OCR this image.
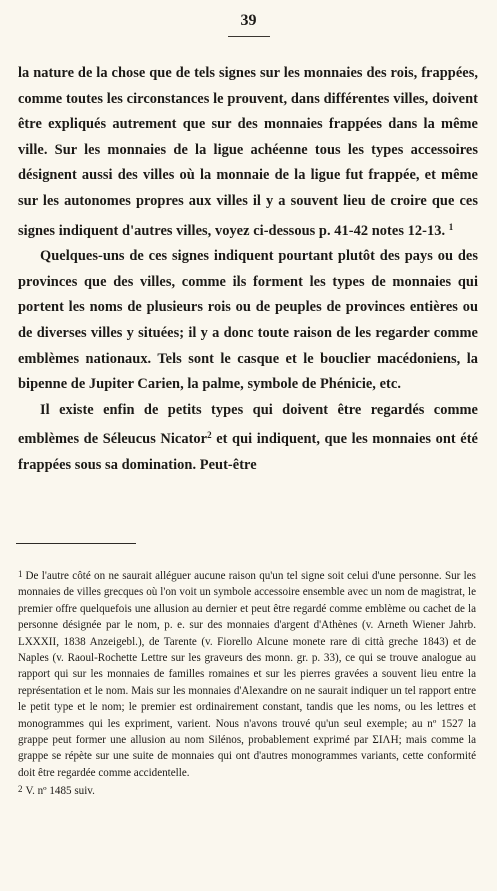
39

la nature de la chose que de tels signes sur les monnaies des rois, frappées, comme toutes les circonstances le prouvent, dans différentes villes, doivent être expliqués autrement que sur des monnaies frappées dans la même ville. Sur les monnaies de la ligue achéenne tous les types accessoires désignent aussi des villes où la monnaie de la ligue fut frappée, et même sur les autonomes propres aux villes il y a souvent lieu de croire que ces signes indiquent d'autres villes, voyez ci-dessous p. 41-42 notes 12-13. $^1$

Quelques-uns de ces signes indiquent pourtant plutôt des pays ou des provinces que des villes, comme ils forment les types de monnaies qui portent les noms de plusieurs rois ou de peuples de provinces entières ou de diverses villes y situées; il y a donc toute raison de les regarder comme emblèmes nationaux. Tels sont le casque et le bouclier macédoniens, la bipenne de Jupiter Carien, la palme, symbole de Phénicie, etc.

Il existe enfin de petits types qui doivent être regardés comme emblèmes de Séleucus Nicator$^2$ et qui indiquent, que les monnaies ont été frappées sous sa domination. Peut-être

1 De l'autre côté on ne saurait alléguer aucune raison qu'un tel signe soit celui d'une personne. Sur les monnaies de villes grecques où l'on voit un symbole accessoire ensemble avec un nom de magistrat, le premier offre quelquefois une allusion au dernier et peut être regardé comme emblème ou cachet de la personne désignée par le nom, p. e. sur des monnaies d'argent d'Athènes (v. Arneth Wiener Jahrb. LXXXII, 1838 Anzeigebl.), de Tarente (v. Fiorello Alcune monete rare di città greche 1843) et de Naples (v. Raoul-Rochette Lettre sur les graveurs des monn. gr. p. 33), ce qui se trouve analogue au rapport qui sur les monnaies de familles romaines et sur les pierres gravées a souvent lieu entre la représentation et le nom. Mais sur les monnaies d'Alexandre on ne saurait indiquer un tel rapport entre le petit type et le nom; le premier est ordinairement constant, tandis que les noms, ou les lettres et monogrammes qui les expriment, varient. Nous n'avons trouvé qu'un seul exemple; au nº 1527 la grappe peut former une allusion au nom Silénos, probablement exprimé par ΣΙΛΗ; mais comme la grappe se répète sur une suite de monnaies qui ont d'autres monogrammes variants, cette conformité doit être regardée comme accidentelle.

2 V. nº 1485 suiv.
